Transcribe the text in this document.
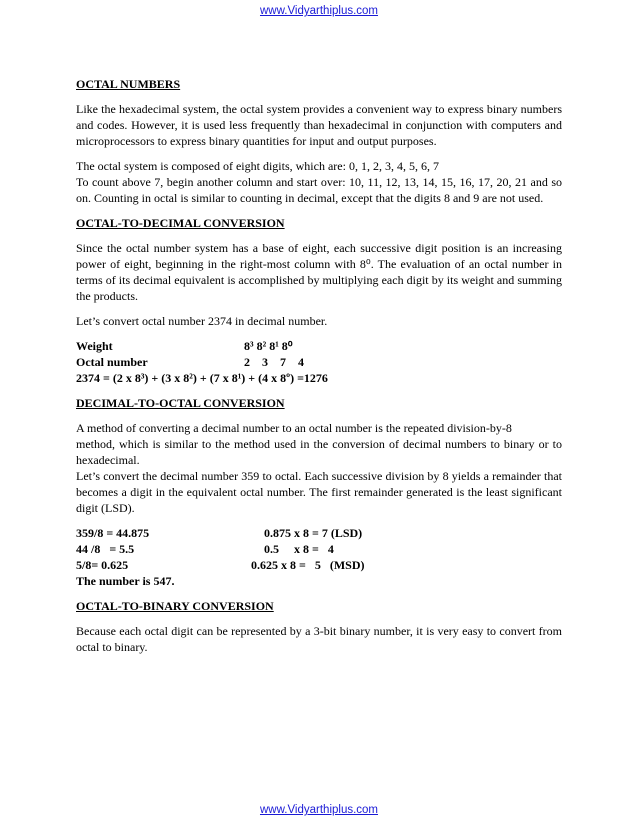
www.Vidyarthiplus.com
OCTAL NUMBERS

Like the hexadecimal system, the octal system provides a convenient way to express binary numbers and codes. However, it is used less frequently than hexadecimal in conjunction with computers and microprocessors to express binary quantities for input and output purposes.

The octal system is composed of eight digits, which are: 0, 1, 2, 3, 4, 5, 6, 7
To count above 7, begin another column and start over: 10, 11, 12, 13, 14, 15, 16, 17, 20, 21 and so on. Counting in octal is similar to counting in decimal, except that the digits 8 and 9 are not used.
OCTAL-TO-DECIMAL CONVERSION

Since the octal number system has a base of eight, each successive digit position is an increasing power of eight, beginning in the right-most column with 8⁰. The evaluation of an octal number in terms of its decimal equivalent is accomplished by multiplying each digit by its weight and summing the products.

Let’s convert octal number 2374 in decimal number.

Weight	8³ 8² 8¹ 8⁰
Octal number	2    3    7    4
2374 = (2 x 8³) + (3 x 8²) + (7 x 8¹) + (4 x 8º) =1276
DECIMAL-TO-OCTAL CONVERSION
A method of converting a decimal number to an octal number is the repeated division-by-8
method, which is similar to the method used in the conversion of decimal numbers to binary or to hexadecimal.
Let’s convert the decimal number 359 to octal. Each successive division by 8 yields a remainder that becomes a digit in the equivalent octal number. The first remainder generated is the least significant digit (LSD).
359/8 = 44.875	0.875 x 8 = 7 (LSD)
44 /8   = 5.5	0.5     x 8 =   4
5/8= 0.625	0.625 x 8 =   5   (MSD)
The number is 547.
OCTAL-TO-BINARY CONVERSION

Because each octal digit can be represented by a 3-bit binary number, it is very easy to convert from octal to binary.

www.Vidyarthiplus.com
